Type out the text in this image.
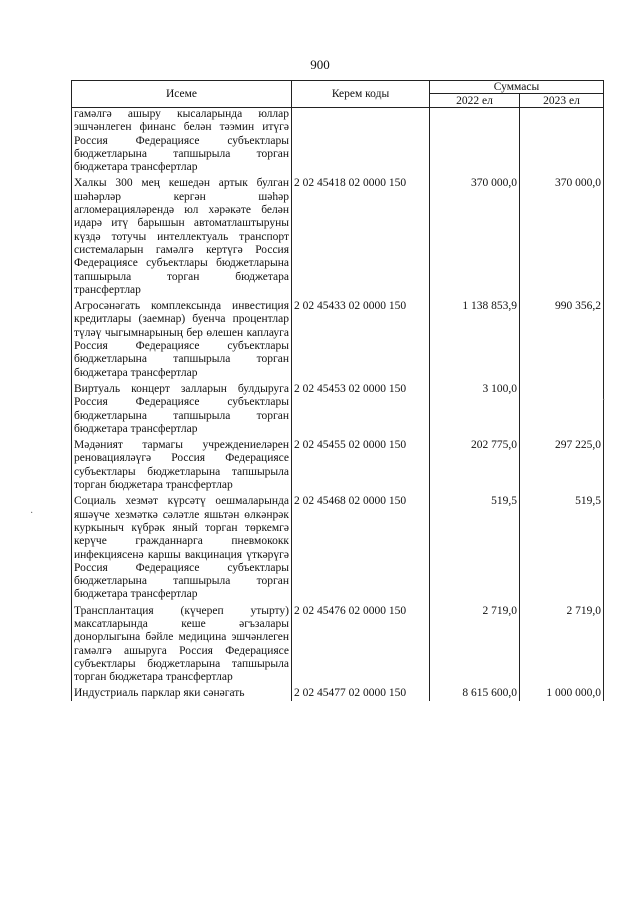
900
Исеме	Керем коды	Суммасы	
		2022 ел	2023 ел
гамәлгә ашыру кысаларында юллар эшчәнлеген финанс белән тәэмин итүгә Россия Федерациясе субъектлары бюджетларына тапшырыла торган бюджетара трансфертлар			
Халкы 300 мең кешедән артык булган шәһәрләр кергән шәһәр агломерацияләрендә юл хәрәкәте белән идарә итү барышын автоматлаштыруны күздә тотучы интеллектуаль транспорт системаларын гамәлгә кертүгә Россия Федерациясе субъектлары бюджетларына тапшырыла торган бюджетара трансфертлар	2 02 45418 02 0000 150	370 000,0	370 000,0
Агросәнәгать комплексында инвестиция кредитлары (заемнар) буенча процентлар түләү чыгымнарының бер өлешен каплауга Россия Федерациясе субъектлары бюджетларына тапшырыла торган бюджетара трансфертлар	2 02 45433 02 0000 150	1 138 853,9	990 356,2
Виртуаль концерт залларын булдыруга Россия Федерациясе субъектлары бюджетларына тапшырыла торган бюджетара трансфертлар	2 02 45453 02 0000 150	3 100,0	
Мәдәният тармагы учреждениеләрен реновацияләүгә Россия Федерациясе субъектлары бюджетларына тапшырыла торган бюджетара трансфертлар	2 02 45455 02 0000 150	202 775,0	297 225,0
Социаль хезмәт күрсәтү оешмаларында яшәүче хезмәткә сәләтле яшьтән өлкәнрәк куркыныч күбрәк яный торган төркемгә керүче гражданнарга пневмококк инфекциясенә каршы вакцинация үткәрүгә Россия Федерациясе субъектлары бюджетларына тапшырыла торган бюджетара трансфертлар	2 02 45468 02 0000 150	519,5	519,5
Трансплантация (күчереп утырту) максатларында кеше әгъзалары донорлыгына бәйле медицина эшчәнлеген гамәлгә ашыруга Россия Федерациясе субъектлары бюджетларына тапшырыла торган бюджетара трансфертлар	2 02 45476 02 0000 150	2 719,0	2 719,0
Индустриаль парклар яки сәнәгать	2 02 45477 02 0000 150	8 615 600,0	1 000 000,0
·
·
